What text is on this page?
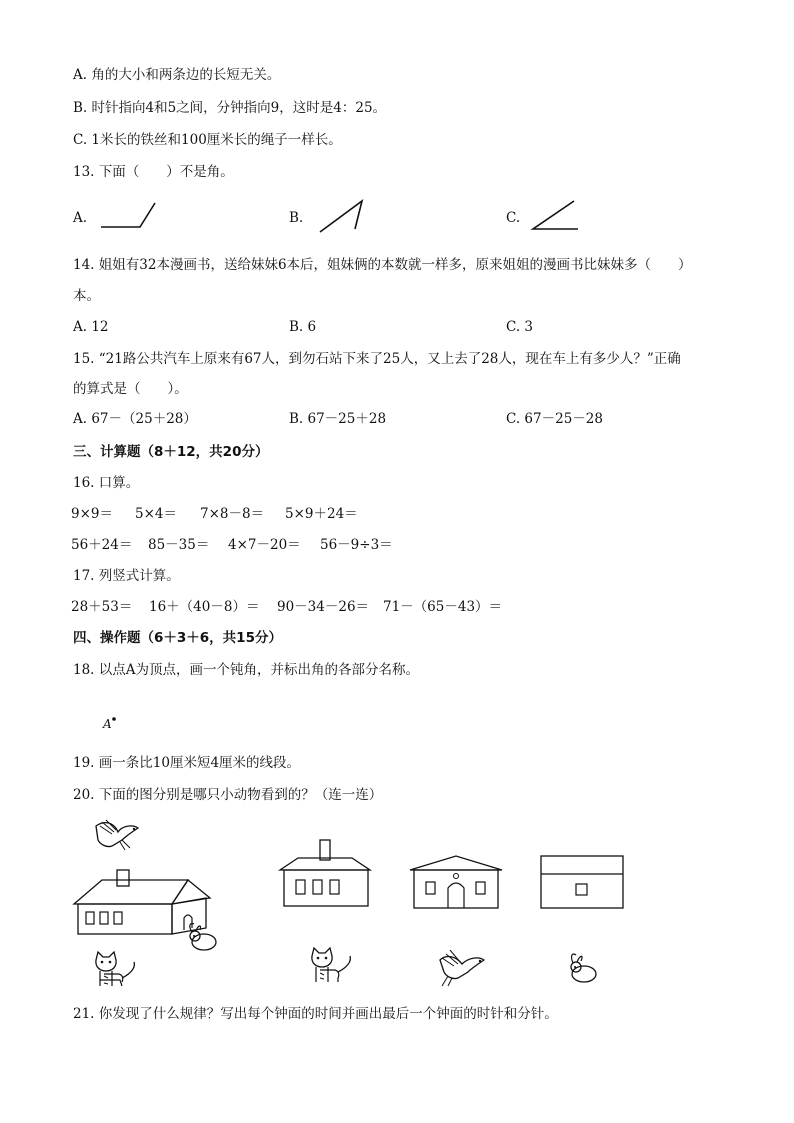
A. 角的大小和两条边的长短无关。
B. 时针指向4和5之间，分钟指向9，这时是4：25。
C. 1米长的铁丝和100厘米长的绳子一样长。
13. 下面（　　）不是角。
A.	B.	C.
14. 姐姐有32本漫画书，送给妹妹6本后，姐妹俩的本数就一样多，原来姐姐的漫画书比妹妹多（　　）
本。
A. 12	B. 6	C. 3
15. “21路公共汽车上原来有67人，到勿石站下来了25人，又上去了28人，现在车上有多少人？”正确
的算式是（　　）。
A. 67－（25＋28）	B. 67－25＋28	C. 67－25－28
三、计算题（8＋12，共20分）
16. 口算。
9×9＝ 5×4＝ 7×8－8＝ 5×9＋24＝
56＋24＝ 85－35＝ 4×7－20＝ 56－9÷3＝
17. 列竖式计算。
28＋53＝ 16＋（40－8）＝ 90－34－26＝ 71－（65－43）＝
四、操作题（6＋3＋6，共15分）
18. 以点A为顶点，画一个钝角，并标出角的各部分名称。
A
19. 画一条比10厘米短4厘米的线段。
20. 下面的图分别是哪只小动物看到的？（连一连）
21. 你发现了什么规律？写出每个钟面的时间并画出最后一个钟面的时针和分针。
